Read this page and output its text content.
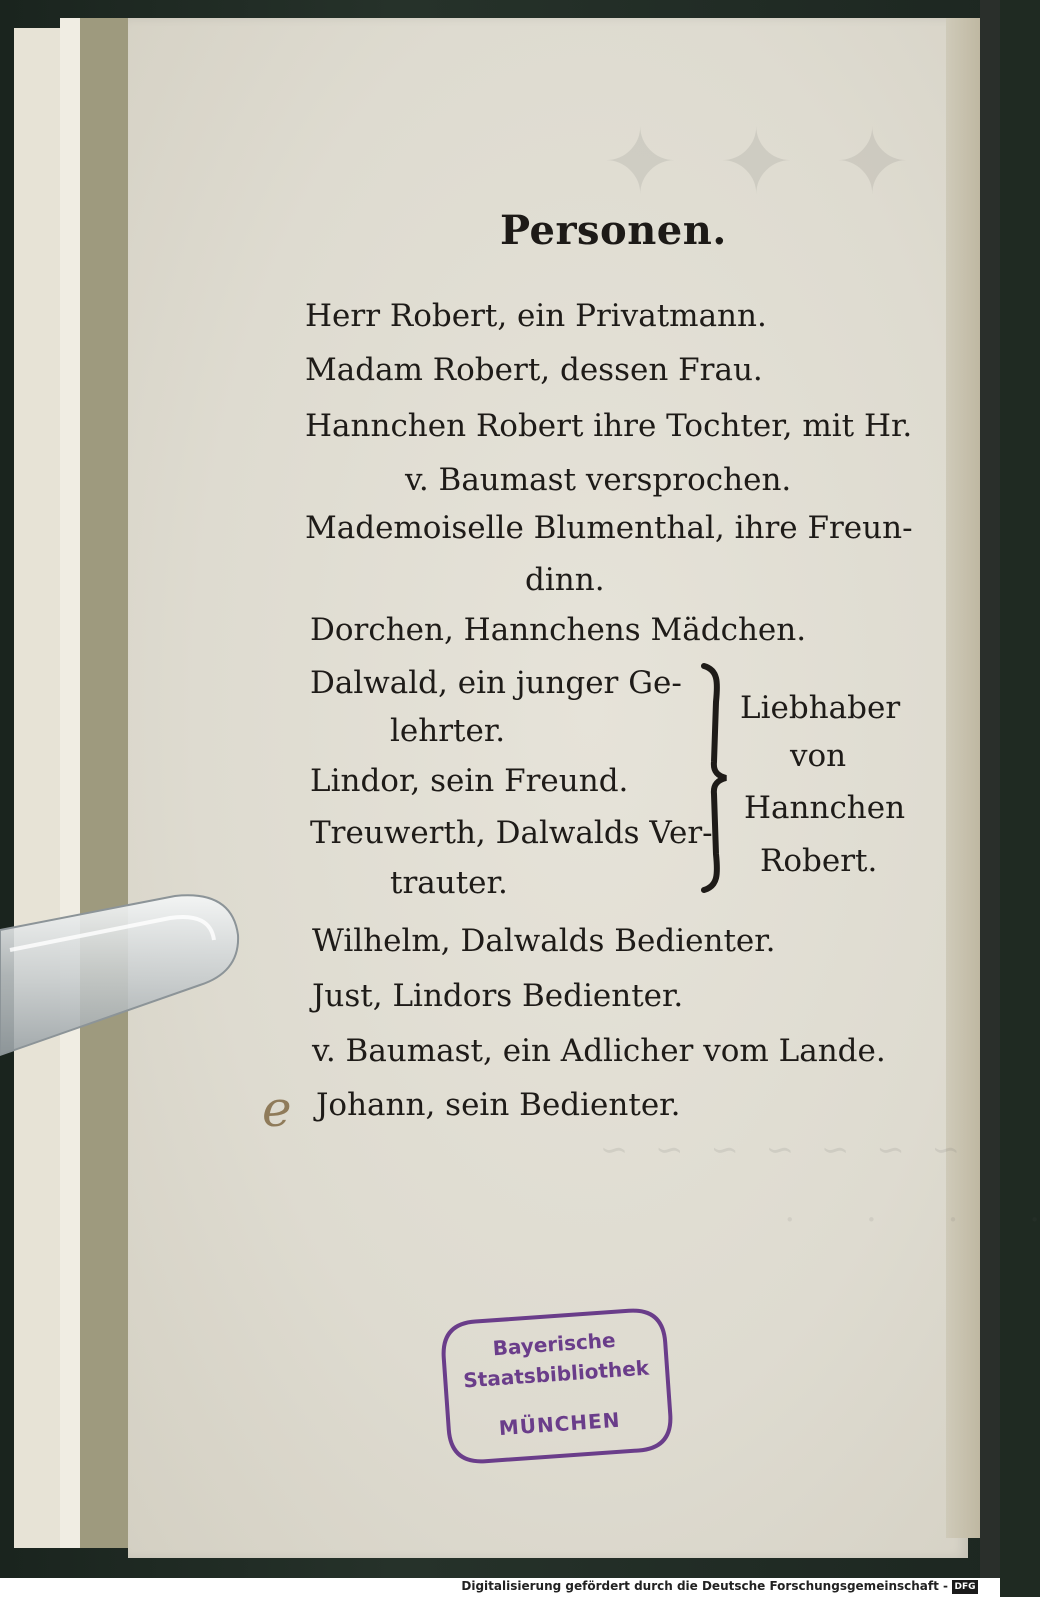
✦ ✦ ✦
∼ ∼ ∼ ∼ ∼ ∼ ∼
· · · ·
Personen.
Herr Robert, ein Privatmann.
Madam Robert, dessen Frau.
Hannchen Robert ihre Tochter, mit Hr.
v. Baumast versprochen.
Mademoiselle Blumenthal, ihre Freun-
dinn.
Dorchen, Hannchens Mädchen.
Dalwald, ein junger Ge-
lehrter.
Lindor, sein Freund.
Treuwerth, Dalwalds Ver-
trauter.
Wilhelm, Dalwalds Bedienter.
Just, Lindors Bedienter.
v. Baumast, ein Adlicher vom Lande.
Johann, sein Bedienter.
Liebhaber
von
Hannchen
Robert.
e
Bayerische
Staatsbibliothek
MÜNCHEN
Digitalisierung gefördert durch die Deutsche Forschungsgemeinschaft - DFG
